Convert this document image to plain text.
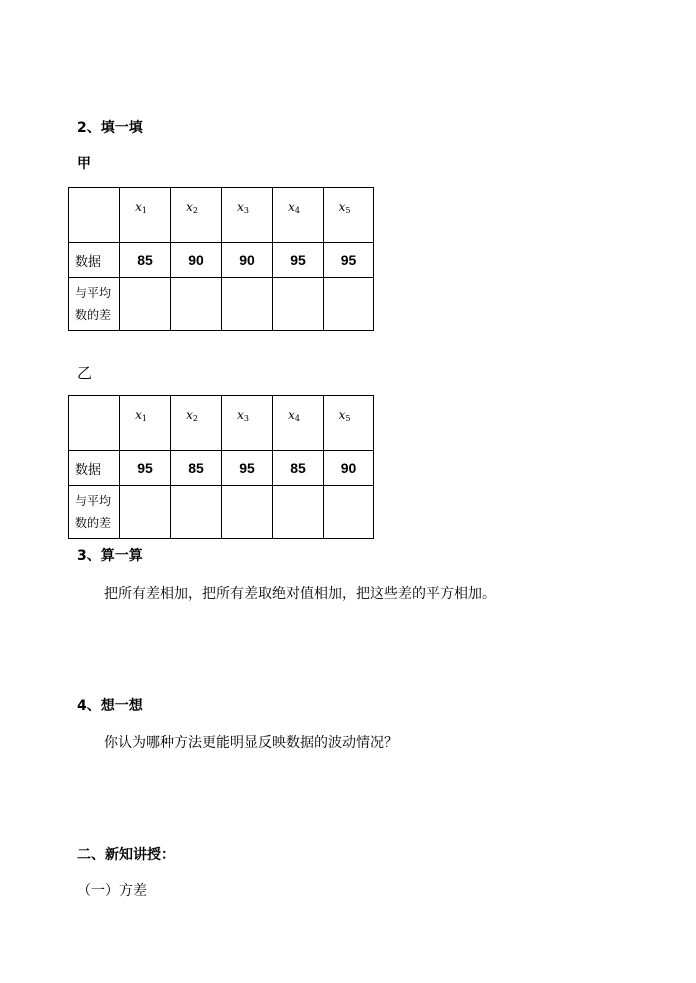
2、填一填
甲
	$x_1$	$x_2$	$x_3$	$x_4$	$x_5$
数据	85	90	90	95	95

与平均
数的差					

乙
	$x_1$	$x_2$	$x_3$	$x_4$	$x_5$
数据	95	85	95	85	90

与平均
数的差					

3、算一算
把所有差相加，把所有差取绝对值相加，把这些差的平方相加。
4、想一想
你认为哪种方法更能明显反映数据的波动情况？
二、新知讲授：
（一）方差
